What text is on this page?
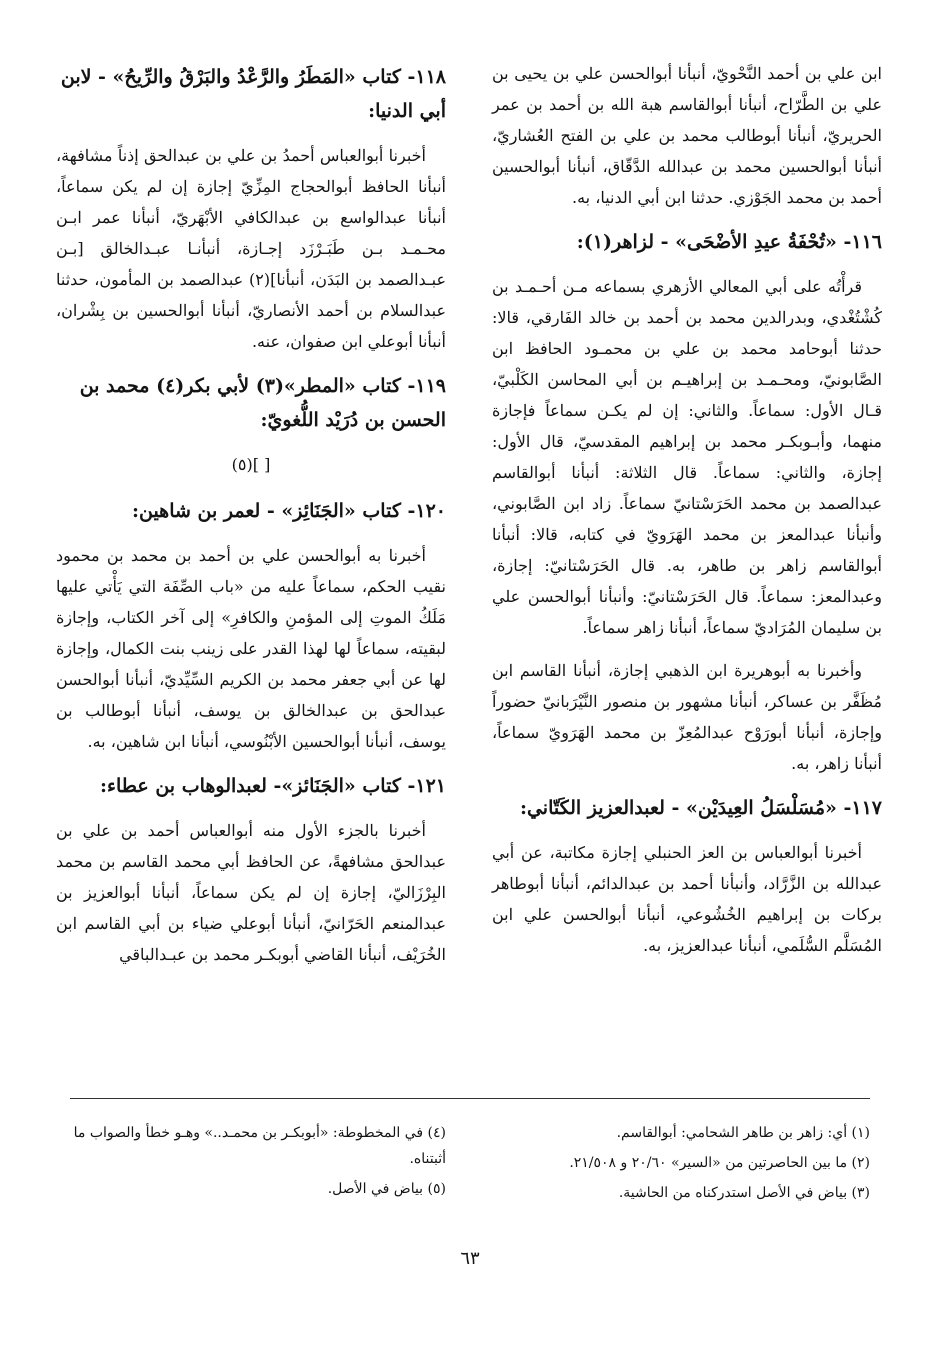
ابن علي بن أحمد النَّحْويّ، أنبأنا أبوالحسن علي بن يحيى بن علي بن الطَّرّاح، أنبأنا أبوالقاسم هبة الله بن أحمد بن عمر الحريريّ، أنبأنا أبوطالب محمد بن علي بن الفتح العُشاريّ، أنبأنا أبوالحسين محمد بن عبدالله الدَّقّاق، أنبأنا أبوالحسين أحمد بن محمد الجَوْزي. حدثنا ابن أبي الدنيا، به.

١١٦- «تُحْفَةُ عيدِ الأضْحَى» - لزاهر(١):

قرأْتُه على أبي المعالي الأزهري بسماعه مـن أحـمـد بن كُشْتُغْدي، وبدرالدين محمد بن أحمد بن خالد الفَارقي، قالا: حدثنا أبوحامد محمد بن علي بن محمـود الحافظ ابن الصَّابونيّ، ومحـمـد بن إبراهيـم بن أبي المحاسن الكَلْبيّ، قـال الأول: سماعاً. والثاني: إن لم يكـن سماعاً فإجازة منهما، وأبـوبكـر محمد بن إبراهيم المقدسيّ، قال الأول: إجازة، والثاني: سماعاً. قال الثلاثة: أنبأنا أبوالقاسم عبدالصمد بن محمد الحَرَسْتانيّ سماعاً. زاد ابن الصَّابوني، وأنبأنا عبدالمعز بن محمد الهَرَويّ في كتابه، قالا: أنبأنا أبوالقاسم زاهر بن طاهر، به. قال الحَرَسْتانيّ: إجازة، وعبدالمعز: سماعاً. قال الحَرَسْتانيّ: وأنبأنا أبوالحسن علي بن سليمان المُرَاديّ سماعاً، أنبأنا زاهر سماعاً.

وأخبرنا به أبوهريرة ابن الذهبي إجازة، أنبأنا القاسم ابن مُظَفَّر بن عساكر، أنبأنا مشهور بن منصور النَّيْرَبانيّ حضوراً وإجازة، أنبأنا أبورَوْح عبدالمُعِزّ بن محمد الهَرَويّ سماعاً، أنبأنا زاهر، به.

١١٧- «مُسَلْسَلُ العِيدَيْن» - لعبدالعزيز الكَتّاني:

أخبرنا أبوالعباس بن العز الحنبلي إجازة مكاتبة، عن أبي عبدالله بن الزَّرَّاد، وأنبأنا أحمد بن عبدالدائم، أنبأنا أبوطاهر بركات بن إبراهيم الخُشُوعي، أنبأنا أبوالحسن علي ابن المُسَلَّم السُّلَمي، أنبأنا عبدالعزيز، به.

١١٨- كتاب «المَطَرُ والرَّعْدُ والبَرْقُ والرِّيحُ» - لابن أبي الدنيا:

أخبرنا أبوالعباس أحمدُ بن علي بن عبدالحق إذناً مشافهة، أنبأنا الحافظ أبوالحجاج المِزِّيّ إجازة إن لم يكن سماعاً، أنبأنا عبدالواسع بن عبدالكافي الأبْهَريّ، أنبأنا عمر ابـن محـمـد بـن طَبَـرْزَد إجـازة، أنبأنـا عبـدالخالق [بـن عبـدالصمد بن البَدَن، أنبأنا](٢) عبدالصمد بن المأمون، حدثنا عبدالسلام بن أحمد الأنصاريّ، أنبأنا أبوالحسين بن بِشْران، أنبأنا أبوعلي ابن صفوان، عنه.

١١٩- كتاب «المطر»(٣) لأبي بكر(٤) محمد بن الحسن بن دُرَيْد اللُّغويّ:
[ ](٥)
١٢٠- كتاب «الجَنَائِز» - لعمر بن شاهين:

أخبرنا به أبوالحسن علي بن أحمد بن محمد بن محمود نقيب الحكم، سماعاً عليه من «باب الصِّفَة التي يَأْتي عليها مَلَكُ الموتِ إلى المؤمنِ والكافرِ» إلى آخر الكتاب، وإجازة لبقيته، سماعاً لها لهذا القدر على زينب بنت الكمال، وإجازة لها عن أبي جعفر محمد بن الكريم السِّيِّديّ، أنبأنا أبوالحسن عبدالحق بن عبدالخالق بن يوسف، أنبأنا أبوطالب بن يوسف، أنبأنا أبوالحسين الأبْنُوسي، أنبأنا ابن شاهين، به.

١٢١- كتاب «الجَنَائز»- لعبدالوهاب بن عطاء:

أخبرنا بالجزء الأول منه أبوالعباس أحمد بن علي بن عبدالحق مشافهةً، عن الحافظ أبي محمد القاسم بن محمد البِرْزَاليّ، إجازة إن لم يكن سماعاً، أنبأنا أبوالعزيز بن عبدالمنعم الحَرّانيّ، أنبأنا أبوعلي ضياء بن أبي القاسم ابن الخُرَيْف، أنبأنا القاضي أبوبكـر محمد بن عبـدالباقي

(١) أي: زاهر بن طاهر الشحامي: أبوالقاسم.
(٢) ما بين الحاصرتين من «السير» ٢٠/٦٠ و ٢١/٥٠٨.
(٣) بياض في الأصل استدركناه من الحاشية.
(٤) في المخطوطة: «أبوبكـر بن محمـد..» وهـو خطأ والصواب ما أثبتناه.
(٥) بياض في الأصل.
٦٣
